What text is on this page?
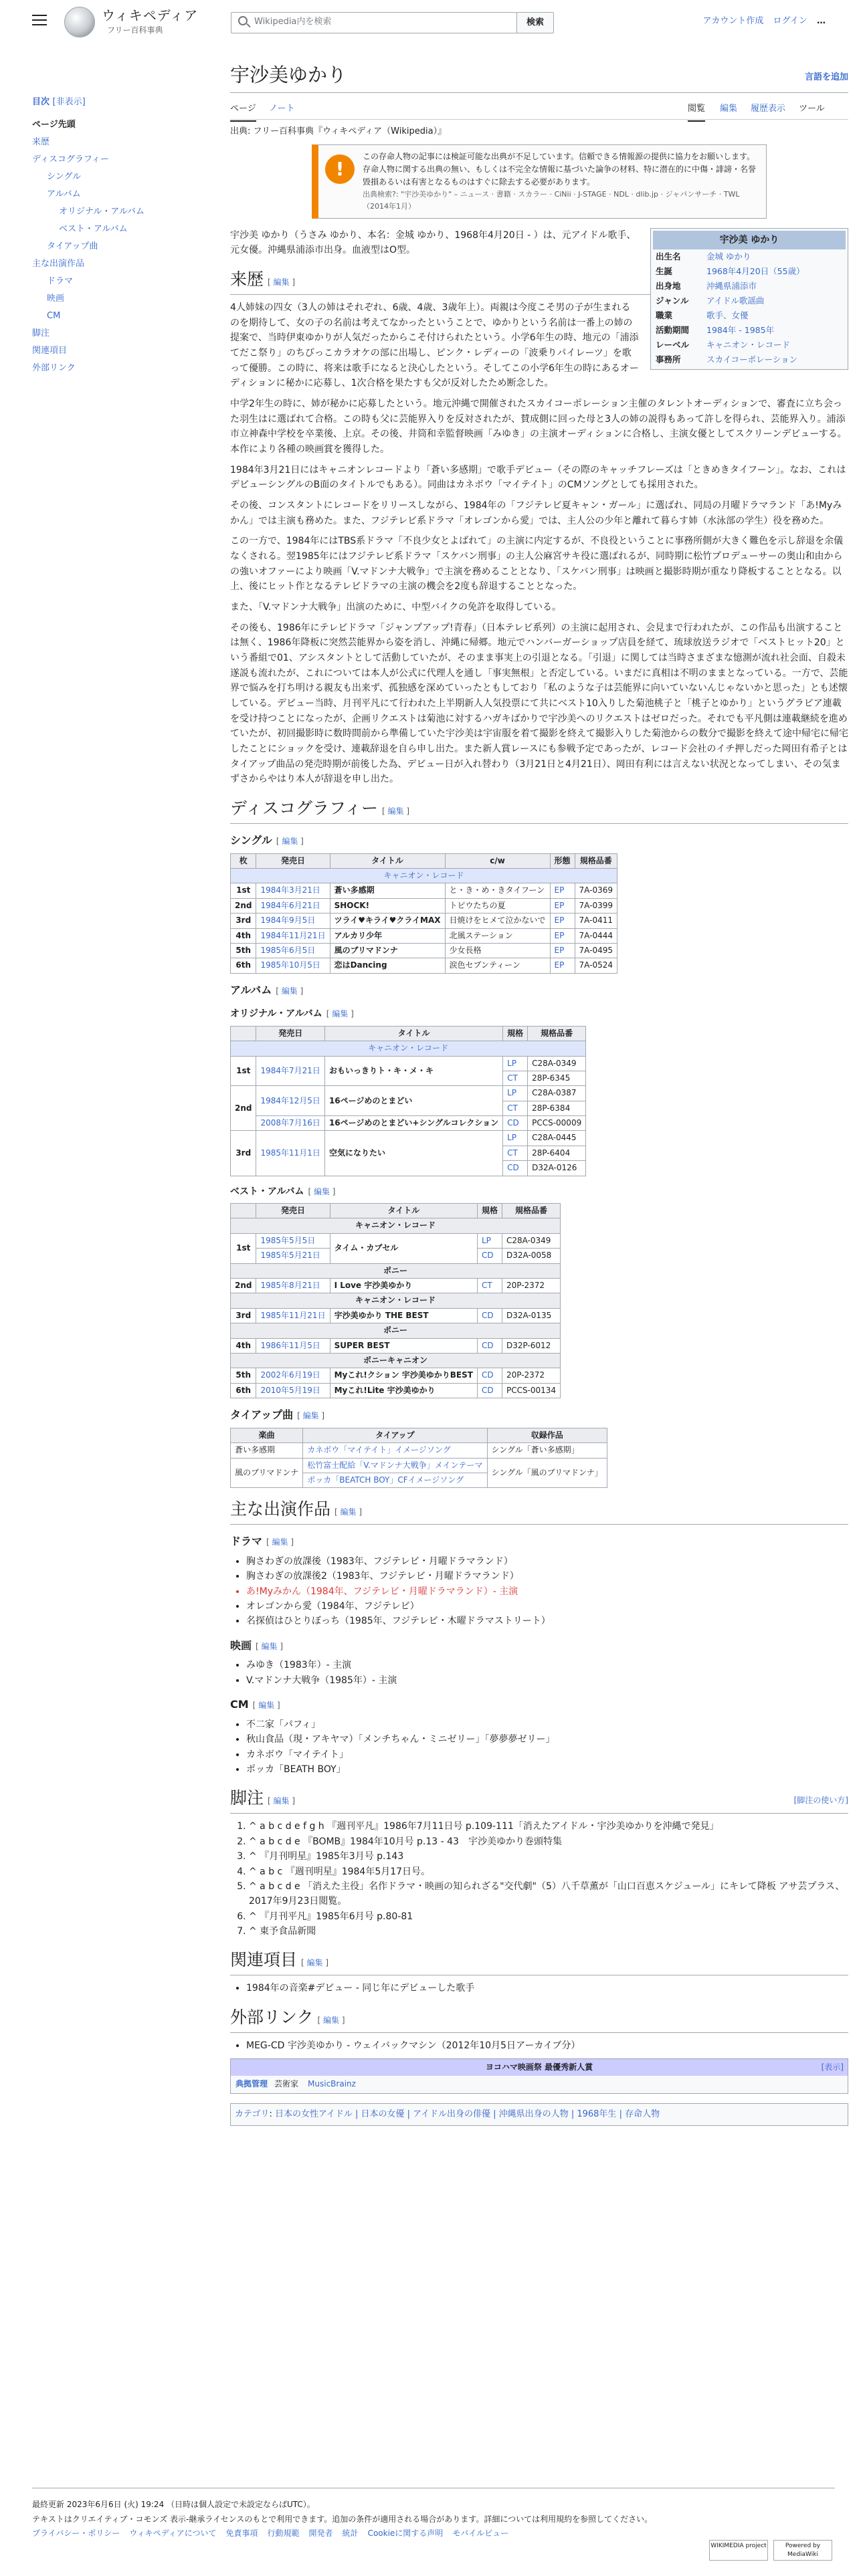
ウィキペディア
フリー百科事典
Wikipedia内を検索	検索	アカウント作成 ログイン …
目次 [非表示]
ページ先頭
来歴
ディスコグラフィー
シングル
アルバム
オリジナル・アルバム
ベスト・アルバム
タイアップ曲
主な出演作品
ドラマ
映画
CM
脚注
関連項目
外部リンク
宇沙美ゆかり	言語を追加
ページ ノート	閲覧 編集 履歴表示 ツール
出典: フリー百科事典『ウィキペディア（Wikipedia）』
!
この存命人物の記事には検証可能な出典が不足しています。信頼できる情報源の提供に協力をお願いします。存命人物に関する出典の無い、もしくは不完全な情報に基づいた論争の材料、特に潜在的に中傷・誹謗・名誉毀損あるいは有害となるものはすぐに除去する必要があります。
出典検索?: "宇沙美ゆかり" – ニュース · 書籍 · スカラー · CiNii · J-STAGE · NDL · dlib.jp · ジャパンサーチ · TWL（2014年1月）
宇沙美 ゆかり
出生名	金城 ゆかり
生誕	1968年4月20日（55歳）
出身地	沖縄県浦添市
ジャンル	アイドル歌謡曲
職業	歌手、女優
活動期間	1984年 - 1985年
レーベル	キャニオン・レコード
事務所	スカイコーポレーション

宇沙美 ゆかり（うさみ ゆかり、本名：金城 ゆかり、1968年4月20日 - ）は、元アイドル歌手、元女優。沖縄県浦添市出身。血液型はO型。

来歴 [ 編集 ]

4人姉妹の四女（3人の姉はそれぞれ、6歳、4歳、3歳年上）。両親は今度こそ男の子が生まれるのを期待して、女の子の名前は考えてなかったということで、ゆかりという名前は一番上の姉の提案で、当時伊東ゆかりが人気だったからこそ付けられたという。小学6年生の時、地元の「浦添てだこ祭り」のちびっこカラオケの部に出場し、ピンク・レディーの「波乗りパイレーツ」を歌って優勝。この時に、将来は歌手になると決心したという。そしてこの小学6年生の時にあるオーディションに秘かに応募し、1次合格を果たすも父が反対したため断念した。

中学2年生の時に、姉が秘かに応募したという。地元沖縄で開催されたスカイコーポレーション主催のタレントオーディションで、審査に立ち会った羽生はに選ばれて合格。この時も父に芸能界入りを反対されたが、賛成側に回った母と3人の姉の説得もあって許しを得られ、芸能界入り。浦添市立神森中学校を卒業後、上京。その後、井筒和幸監督映画「みゆき」の主演オーディションに合格し、主演女優としてスクリーンデビューする。本作により各種の映画賞を獲得した。

1984年3月21日にはキャニオンレコードより「蒼い多感期」で歌手デビュー（その際のキャッチフレーズは「ときめきタイフーン」。なお、これはデビューシングルのB面のタイトルでもある）。同曲はカネボウ「マイテイト」のCMソングとしても採用された。

その後、コンスタントにレコードをリリースしながら、1984年の「フジテレビ夏キャン・ガール」に選ばれ、同局の月曜ドラマランド「あ!Myみかん」では主演も務めた。また、フジテレビ系ドラマ「オレゴンから愛」では、主人公の少年と離れて暮らす姉（水泳部の学生）役を務めた。

この一方で、1984年にはTBS系ドラマ「不良少女とよばれて」の主演に内定するが、不良役ということに事務所側が大きく難色を示し辞退を余儀なくされる。翌1985年にはフジテレビ系ドラマ「スケバン刑事」の主人公麻宮サキ役に選ばれるが、同時期に松竹プロデューサーの奥山和由からの強いオファーにより映画「V.マドンナ大戦争」で主演を務めることとなり、「スケバン刑事」は映画と撮影時期が重なり降板することとなる。以上、後にヒット作となるテレビドラマの主演の機会を2度も辞退することとなった。

また、「V.マドンナ大戦争」出演のために、中型バイクの免許を取得している。

その後も、1986年にテレビドラマ「ジャンプアップ!青春」（日本テレビ系列）の主演に起用され、会見まで行われたが、この作品も出演することは無く、1986年降板に突然芸能界から姿を消し、沖縄に帰郷。地元でハンバーガーショップ店員を経て、琉球放送ラジオで「ベストヒット20」という番組で01、アシスタントとして活動していたが、そのまま事実上の引退となる。「引退」に関しては当時さまざまな憶測が流れ社会面、自殺未遂説も流れたが、これについては本人が公式に代理人を通し「事実無根」と否定している。いまだに真相は不明のままとなっている。一方で、芸能界で悩みを打ち明ける親友も出来ず、孤独感を深めていったともしており「私のような子は芸能界に向いていないんじゃないかと思った」とも述懐している。デビュー当時、月刊平凡にて行われた上半期新人人気投票にて共にベスト10入りした菊池桃子と「桃子とゆかり」というグラビア連載を受け持つことになったが、企画リクエストは菊池に対するハガキばかりで宇沙美へのリクエストはゼロだった。それでも平凡側は連載継続を進めていたが、初回撮影時に数時間前から準備していた宇沙美は宇宙服を着て撮影を終えて撮影入りした菊池からの数分で撮影を終えて途中帰宅に帰宅したことにショックを受け、連載辞退を自ら申し出た。また新人賞レースにも参戦予定であったが、レコード会社のイチ押しだった岡田有希子とはタイアップ曲品の発売時期が前後した為、デビュー日が入れ替わり（3月21日と4月21日）、岡田有利には言えない状況となってしまい、その気まずさからやはり本人が辞退を申し出た。

ディスコグラフィー [ 編集 ]
シングル [ 編集 ]
枚	発売日	タイトル	c/w	形態	規格品番
キャニオン・レコード					
1st	1984年3月21日	蒼い多感期	と・き・め・きタイフーン	EP	7A-0369
2nd	1984年6月21日	SHOCK!	トピウたちの夏	EP	7A-0399
3rd	1984年9月5日	ツライ♥キライ♥クライMAX	日焼けをヒメて泣かないで	EP	7A-0411
4th	1984年11月21日	アルカリ少年	北風ステーション	EP	7A-0444
5th	1985年6月5日	風のブリマドンナ	少女長格	EP	7A-0495
6th	1985年10月5日	恋はDancing	涙色セプンティーン	EP	7A-0524
アルバム [ 編集 ]
オリジナル・アルバム [ 編集 ]
	発売日	タイトル	規格	規格品番
キャニオン・レコード				
1st	1984年7月21日	おもいっきりト・キ・メ・キ	LP	C28A-0349
			CT	28P-6345
2nd	1984年12月5日	16ページめのとまどい	LP	C28A-0387
			CT	28P-6384
	2008年7月16日	16ページめのとまどい+シングルコレクション	CD	PCCS-00009
3rd	1985年11月1日	空気になりたい	LP	C28A-0445
			CT	28P-6404
			CD	D32A-0126
ベスト・アルバム [ 編集 ]
	発売日	タイトル	規格	規格品番
キャニオン・レコード				
1st	1985年5月5日	タイム・カプセル	LP	C28A-0349
	1985年5月21日		CD	D32A-0058
ポニー				
2nd	1985年8月21日	I Love 宇沙美ゆかり	CT	20P-2372
キャニオン・レコード				
3rd	1985年11月21日	宇沙美ゆかり THE BEST	CD	D32A-0135
ポニー				
4th	1986年11月5日	SUPER BEST	CD	D32P-6012
ポニーキャニオン				
5th	2002年6月19日	Myこれ!クション 宇沙美ゆかりBEST	CD	20P-2372
6th	2010年5月19日	Myこれ!Lite 宇沙美ゆかり	CD	PCCS-00134
タイアップ曲 [ 編集 ]
楽曲	タイアップ	収録作品
蒼い多感期	カネボウ「マイテイト」イメージソング	シングル「蒼い多感期」
風のブリマドンナ	松竹富士配給「V.マドンナ大戦争」メインテーマ	シングル「風のブリマドンナ」
	ポッカ「BEATCH BOY」CFイメージソング	
主な出演作品 [ 編集 ]
ドラマ [ 編集 ]
• 胸さわぎの放課後（1983年、フジテレビ・月曜ドラマランド）
• 胸さわぎの放課後2（1983年、フジテレビ・月曜ドラマランド）
• あ!Myみかん（1984年、フジテレビ・月曜ドラマランド）- 主演
• オレゴンから愛（1984年、フジテレビ）
• 名探偵はひとりぼっち（1985年、フジテレビ・木曜ドラマストリート）
映画 [ 編集 ]
• みゆき（1983年）- 主演
• V.マドンナ大戦争（1985年）- 主演
CM [ 編集 ]
• 不二家「パフィ」
• 秋山食品（現・アキヤマ）「メンチちゃん・ミニゼリー」「夢夢夢ゼリー」
• カネボウ「マイテイト」
• ポッカ「BEATH BOY」
脚注 [ 編集 ]	[脚注の使い方]
1. ^ a b c d e f g h 『週刊平凡』1986年7月11日号 p.109-111「消えたアイドル・宇沙美ゆかりを沖縄で発見」
2. ^ a b c d e 『BOMB』1984年10月号 p.13 - 43　宇沙美ゆかり巻頭特集
3. ^ 『月刊明星』1985年3月号 p.143
4. ^ a b c 『週刊明星』1984年5月17日号。
5. ^ a b c d e 「消えた主役」名作ドラマ・映画の知られざる"交代劇"（5）八千草薫が「山口百恵スケジュール」にキレて降板 アサ芸プラス、2017年9月23日閲覧。
6. ^ 『月刊平凡』1985年6月号 p.80-81
7. ^ 東予食品新聞
関連項目 [ 編集 ]
• 1984年の音楽#デビュー - 同じ年にデビューした歌手
外部リンク [ 編集 ]
• MEG-CD 宇沙美ゆかり - ウェイバックマシン（2012年10月5日アーカイブ分）
ヨコハマ映画祭 最優秀新人賞	[表示]
典拠管理 芸術家 MusicBrainz
カテゴリ: 日本の女性アイドル | 日本の女優 | アイドル出身の俳優 | 沖縄県出身の人物 | 1968年生 | 存命人物
最終更新 2023年6月6日 (火) 19:24 （日時は個人設定で未設定ならばUTC）。
テキストはクリエイティブ・コモンズ 表示-継承ライセンスのもとで利用できます。追加の条件が適用される場合があります。詳細については利用規約を参照してください。
プライバシー・ポリシー ウィキペディアについて 免責事項 行動規範 開発者 統計 Cookieに関する声明 モバイルビュー
WIKIMEDIA project	Powered by MediaWiki
